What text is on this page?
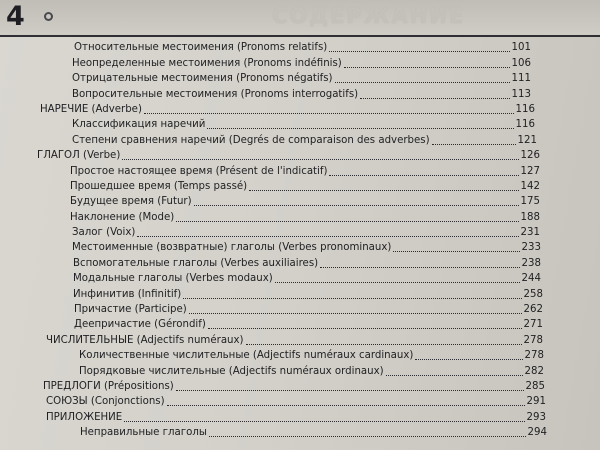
4	СОДЕРЖАНИЕ
Относительные местоимения (Pronoms relatifs)	101
Неопределенные местоимения (Pronoms indéfinis)	106
Отрицательные местоимения (Pronoms négatifs)	111
Вопросительные местоимения (Pronoms interrogatifs)	113
НАРЕЧИЕ (Adverbe)	116
Классификация наречий	116
Степени сравнения наречий (Degrés de comparaison des adverbes)	121
ГЛАГОЛ (Verbe)	126
Простое настоящее время (Présent de l'indicatif)	127
Прошедшее время (Temps passé)	142
Будущее время (Futur)	175
Наклонение (Mode)	188
Залог (Voix)	231
Местоименные (возвратные) глаголы (Verbes pronominaux)	233
Вспомогательные глаголы (Verbes auxiliaires)	238
Модальные глаголы (Verbes modaux)	244
Инфинитив (Infinitif)	258
Причастие (Participe)	262
Деепричастие (Gérondif)	271
ЧИСЛИТЕЛЬНЫЕ (Adjectifs numéraux)	278
Количественные числительные (Adjectifs numéraux cardinaux)	278
Порядковые числительные (Adjectifs numéraux ordinaux)	282
ПРЕДЛОГИ (Prépositions)	285
СОЮЗЫ (Conjonctions)	291
ПРИЛОЖЕНИЕ	293
Неправильные глаголы	294
